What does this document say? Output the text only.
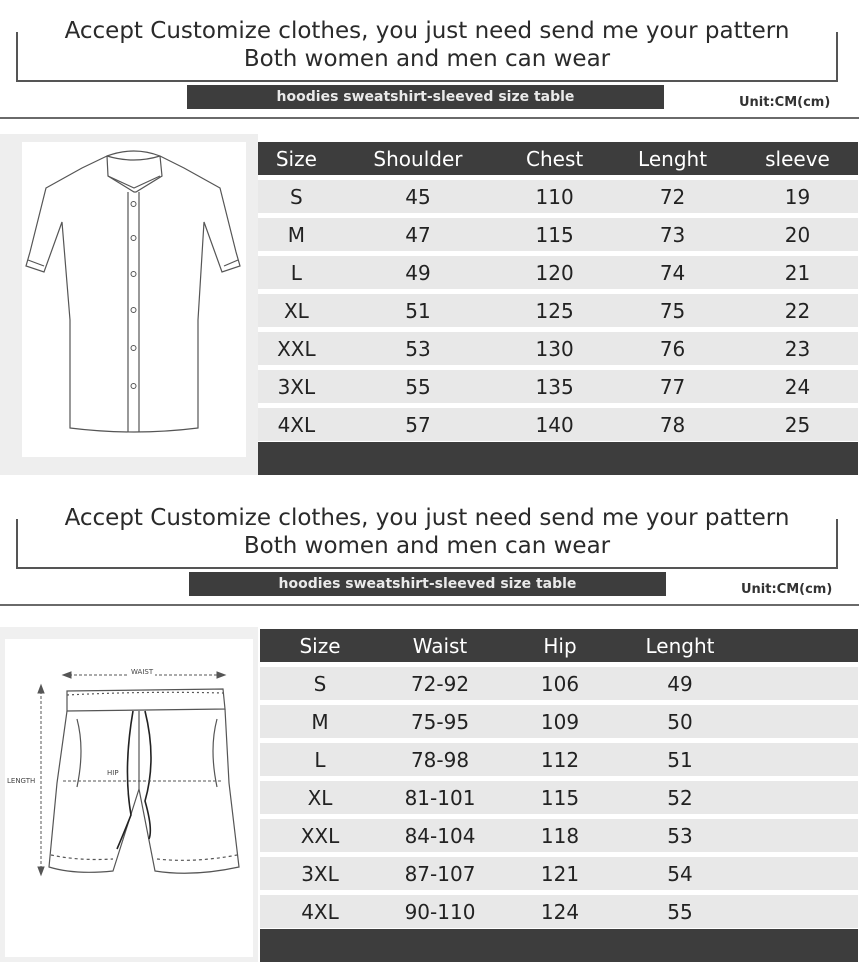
Accept Customize clothes, you just need send me your pattern
Both women and men can wear
hoodies sweatshirt-sleeved size table	Unit:CM(cm)
Size	Shoulder	Chest	Lenght	sleeve
S	45	110	72	19
M	47	115	73	20
L	49	120	74	21
XL	51	125	75	22
XXL	53	130	76	23
3XL	55	135	77	24
4XL	57	140	78	25
Accept Customize clothes, you just need send me your pattern
Both women and men can wear
hoodies sweatshirt-sleeved size table	Unit:CM(cm)
WAIST
HIP
LENGTH
Size	Waist	Hip	Lenght	
S	72-92	106	49	
M	75-95	109	50	
L	78-98	112	51	
XL	81-101	115	52	
XXL	84-104	118	53	
3XL	87-107	121	54	
4XL	90-110	124	55	
